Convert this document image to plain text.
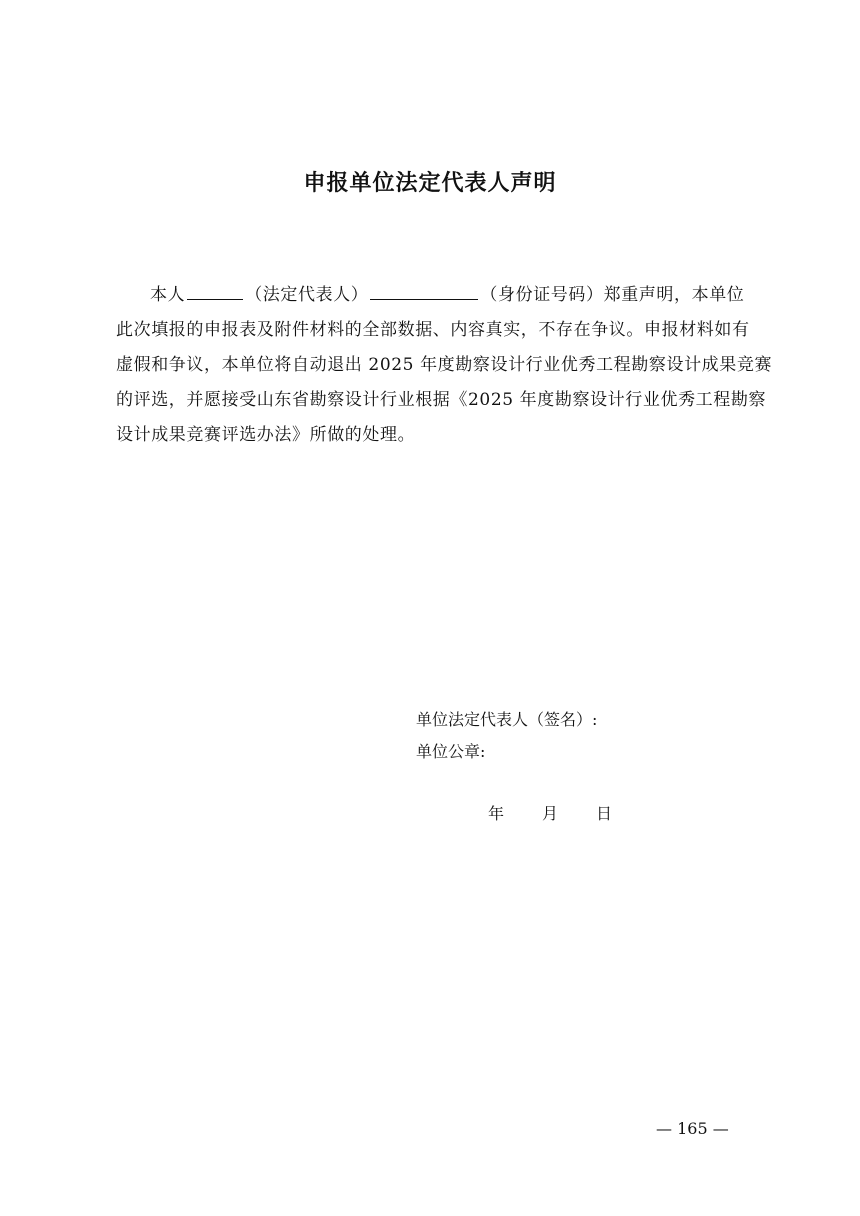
申报单位法定代表人声明
本人	（法定代表人）	（身份证号码）郑重声明，本单位
此次填报的申报表及附件材料的全部数据、内容真实，不存在争议。申报材料如有
虚假和争议，本单位将自动退出 2025 年度勘察设计行业优秀工程勘察设计成果竞赛
的评选，并愿接受山东省勘察设计行业根据《2025 年度勘察设计行业优秀工程勘察
设计成果竞赛评选办法》所做的处理。
单位法定代表人（签名）:
单位公章:
年 月 日
— 165 —
